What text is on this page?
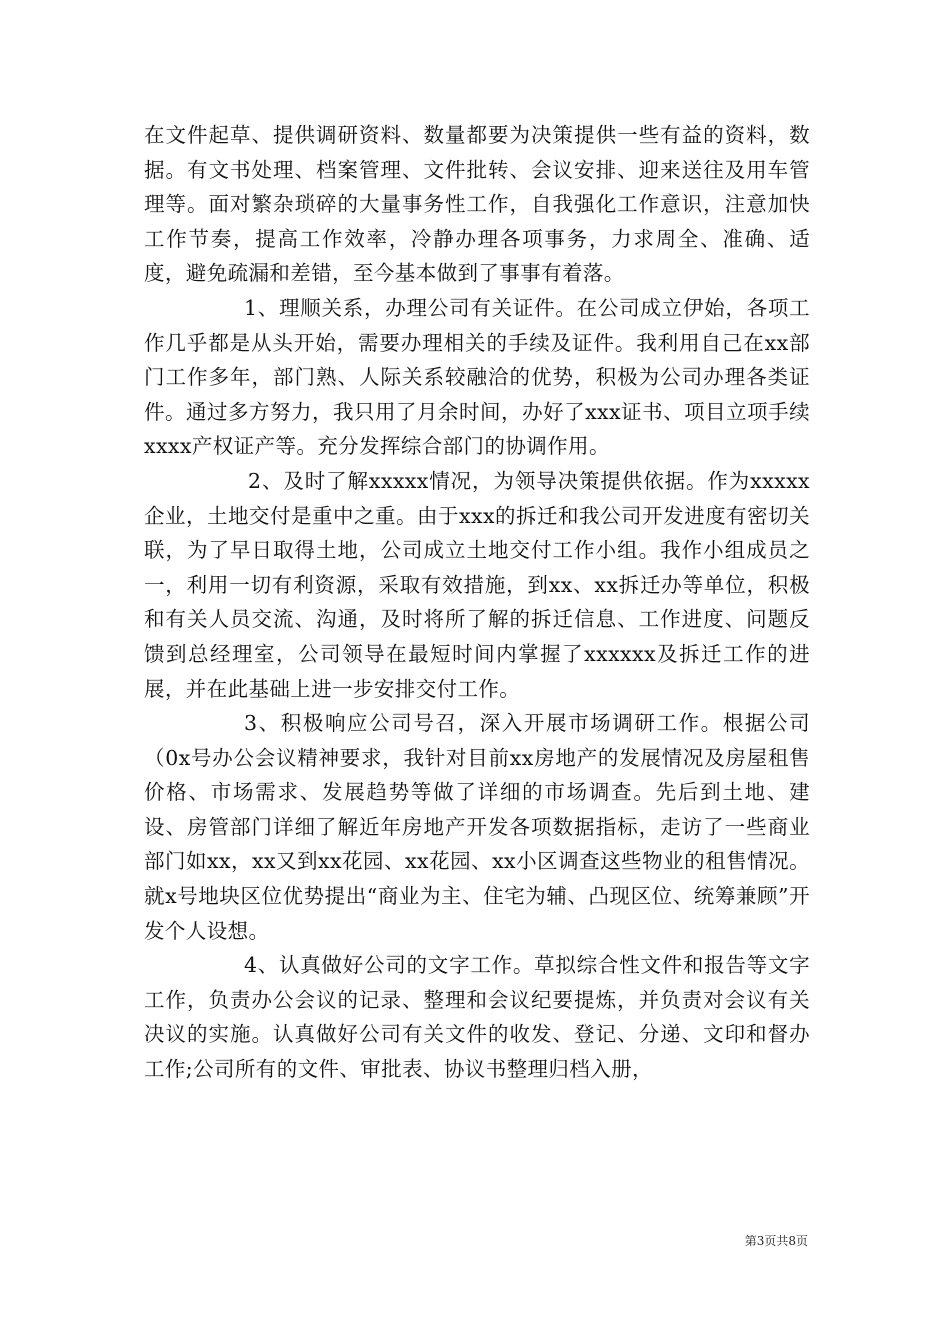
在文件起草、提供调研资料、数量都要为决策提供一些有益的资料，数据。有文书处理、档案管理、文件批转、会议安排、迎来送往及用车管理等。面对繁杂琐碎的大量事务性工作，自我强化工作意识，注意加快工作节奏，提高工作效率，冷静办理各项事务，力求周全、准确、适度，避免疏漏和差错，至今基本做到了事事有着落。

1、理顺关系，办理公司有关证件。在公司成立伊始，各项工作几乎都是从头开始，需要办理相关的手续及证件。我利用自己在xx部门工作多年，部门熟、人际关系较融洽的优势，积极为公司办理各类证件。通过多方努力，我只用了月余时间，办好了xxx证书、项目立项手续xxxx产权证产等。充分发挥综合部门的协调作用。

2、及时了解xxxxx情况，为领导决策提供依据。作为xxxxx企业，土地交付是重中之重。由于xxx的拆迁和我公司开发进度有密切关联，为了早日取得土地，公司成立土地交付工作小组。我作小组成员之一，利用一切有利资源，采取有效措施，到xx、xx拆迁办等单位，积极和有关人员交流、沟通，及时将所了解的拆迁信息、工作进度、问题反馈到总经理室，公司领导在最短时间内掌握了xxxxxx及拆迁工作的进展，并在此基础上进一步安排交付工作。

3、积极响应公司号召，深入开展市场调研工作。根据公司（0x号办公会议精神要求，我针对目前xx房地产的发展情况及房屋租售价格、市场需求、发展趋势等做了详细的市场调查。先后到土地、建设、房管部门详细了解近年房地产开发各项数据指标，走访了一些商业部门如xx，xx又到xx花园、xx花园、xx小区调查这些物业的租售情况。就x号地块区位优势提出“商业为主、住宅为辅、凸现区位、统筹兼顾”开发个人设想。

4、认真做好公司的文字工作。草拟综合性文件和报告等文字工作，负责办公会议的记录、整理和会议纪要提炼，并负责对会议有关决议的实施。认真做好公司有关文件的收发、登记、分递、文印和督办工作;公司所有的文件、审批表、协议书整理归档入册，

第3页共8页
